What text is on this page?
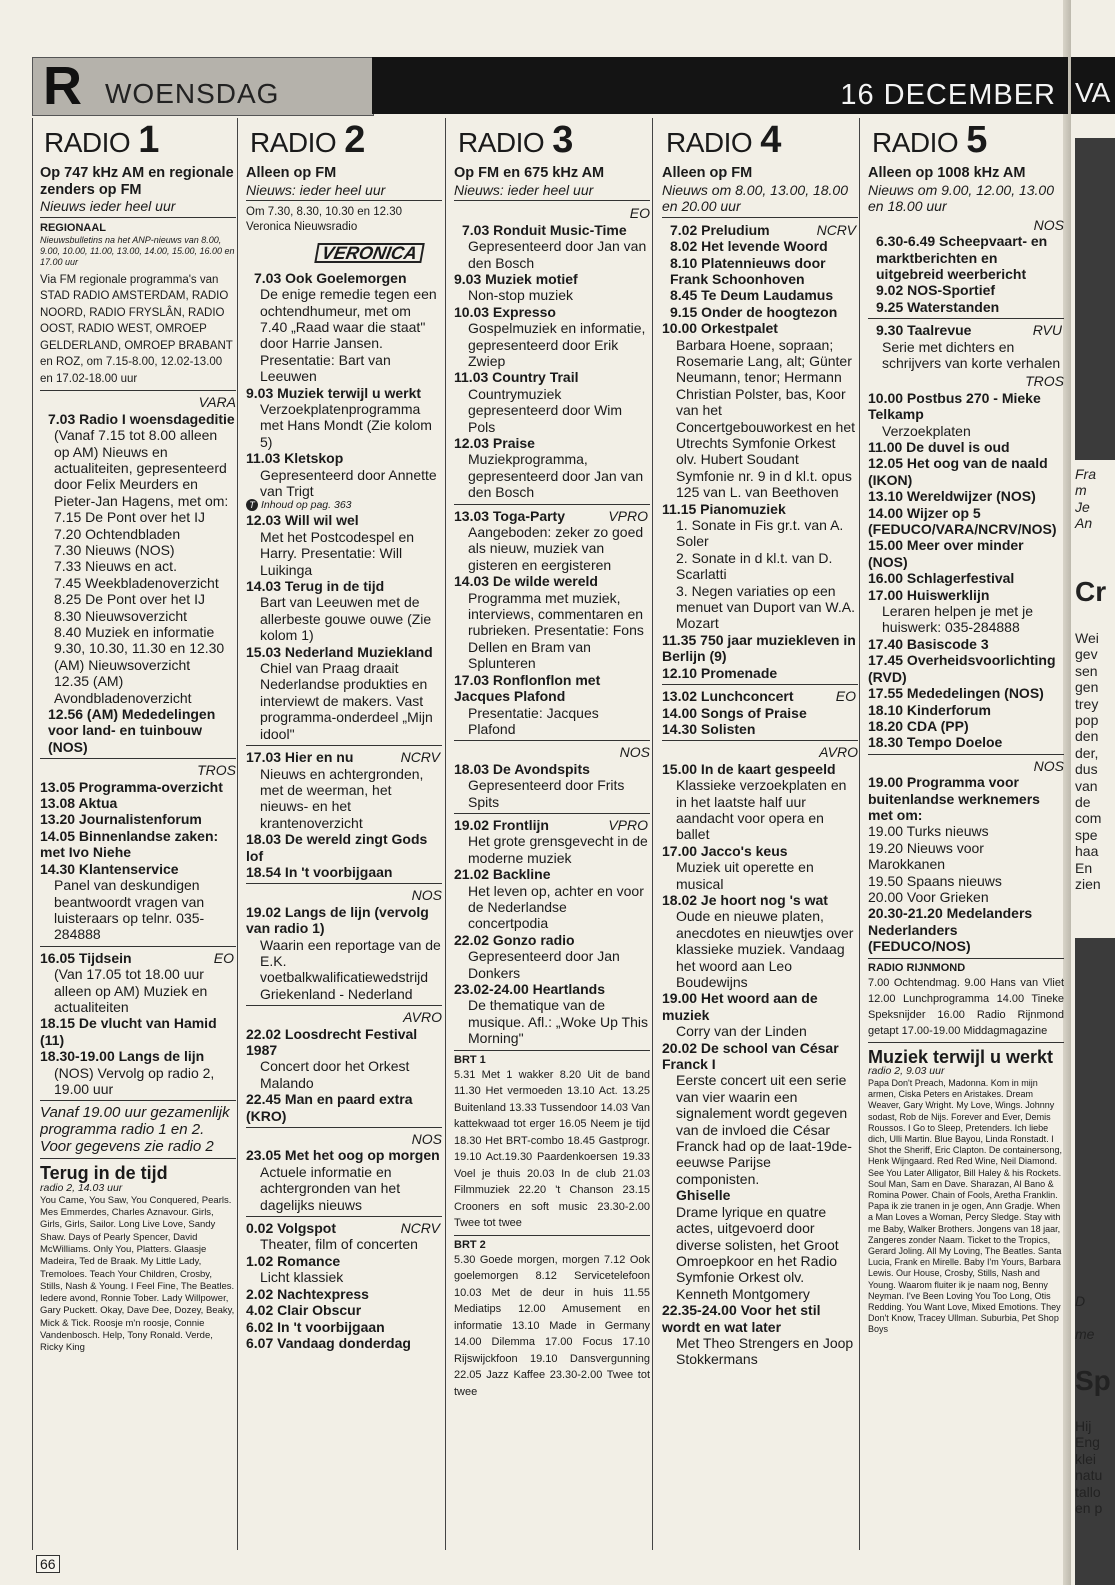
R WOENSDAG	16 DECEMBER VA
RADIO 1
Op 747 kHz AM en regionale zenders op FM
Nieuws ieder heel uur
REGIONAAL
Nieuwsbulletins na het ANP-nieuws van 8.00, 9.00, 10.00, 11.00, 13.00, 14.00, 15.00, 16.00 en 17.00 uur
Via FM regionale programma's van STAD RADIO AMSTERDAM, RADIO NOORD, RADIO FRYSLÂN, RADIO OOST, RADIO WEST, OMROEP GELDERLAND, OMROEP BRABANT en ROZ, om 7.15-8.00, 12.02-13.00 en 17.02-18.00 uur
VARA
7.03 Radio I woensdageditie
(Vanaf 7.15 tot 8.00 alleen op AM) Nieuws en actualiteiten, gepresenteerd door Felix Meurders en Pieter-Jan Hagens, met om:
7.15 De Pont over het IJ
7.20 Ochtendbladen
7.30 Nieuws (NOS)
7.33 Nieuws en act.
7.45 Weekbladenoverzicht
8.25 De Pont over het IJ
8.30 Nieuwsoverzicht
8.40 Muziek en informatie
9.30, 10.30, 11.30 en 12.30 (AM) Nieuwsoverzicht
12.35 (AM) Avondbladenoverzicht
12.56 (AM) Mededelingen voor land- en tuinbouw (NOS)
TROS
13.05 Programma-overzicht
13.08 Aktua
13.20 Journalistenforum
14.05 Binnenlandse zaken: met Ivo Niehe
14.30 Klantenservice
Panel van deskundigen beantwoordt vragen van luisteraars op telnr. 035-284888
16.05 Tijdsein	EO
(Van 17.05 tot 18.00 uur alleen op AM) Muziek en actualiteiten
18.15 De vlucht van Hamid (11)
18.30-19.00 Langs de lijn
(NOS) Vervolg op radio 2, 19.00 uur
Vanaf 19.00 uur gezamenlijk programma radio 1 en 2. Voor gegevens zie radio 2
Terug in de tijd
radio 2, 14.03 uur
You Came, You Saw, You Conquered, Pearls. Mes Emmerdes, Charles Aznavour. Girls, Girls, Girls, Sailor. Long Live Love, Sandy Shaw. Days of Pearly Spencer, David McWilliams. Only You, Platters. Glaasje Madeira, Ted de Braak. My Little Lady, Tremoloes. Teach Your Children, Crosby, Stills, Nash & Young. I Feel Fine, The Beatles. Iedere avond, Ronnie Tober. Lady Willpower, Gary Puckett. Okay, Dave Dee, Dozey, Beaky, Mick & Tick. Roosje m'n roosje, Connie Vandenbosch. Help, Tony Ronald. Verde, Ricky King
RADIO 2
Alleen op FM
Nieuws: ieder heel uur
Om 7.30, 8.30, 10.30 en 12.30 Veronica Nieuwsradio
VERONICA
7.03 Ook Goelemorgen
De enige remedie tegen een ochtendhumeur, met om 7.40 „Raad waar die staat" door Harrie Jansen. Presentatie: Bart van Leeuwen
9.03 Muziek terwijl u werkt
Verzoekplatenprogramma met Hans Mondt (Zie kolom 5)
11.03 Kletskop
Gepresenteerd door Annette van Trigt
T Inhoud op pag. 363
12.03 Will wil wel
Met het Postcodespel en Harry. Presentatie: Will Luikinga
14.03 Terug in de tijd
Bart van Leeuwen met de allerbeste gouwe ouwe (Zie kolom 1)
15.03 Nederland Muziekland
Chiel van Praag draait Nederlandse produkties en interviewt de makers. Vast programma-onderdeel „Mijn idool"
17.03 Hier en nu	NCRV
Nieuws en achtergronden, met de weerman, het nieuws- en het krantenoverzicht
18.03 De wereld zingt Gods lof
18.54 In 't voorbijgaan
NOS
19.02 Langs de lijn (vervolg van radio 1)
Waarin een reportage van de E.K. voetbalkwalificatiewedstrijd Griekenland - Nederland
AVRO
22.02 Loosdrecht Festival 1987
Concert door het Orkest Malando
22.45 Man en paard extra (KRO)
NOS
23.05 Met het oog op morgen
Actuele informatie en achtergronden van het dagelijks nieuws
0.02 Volgspot	NCRV
Theater, film of concerten
1.02 Romance
Licht klassiek
2.02 Nachtexpress
4.02 Clair Obscur
6.02 In 't voorbijgaan
6.07 Vandaag donderdag
RADIO 3
Op FM en 675 kHz AM
Nieuws: ieder heel uur
EO
7.03 Ronduit Music-Time
Gepresenteerd door Jan van den Bosch
9.03 Muziek motief
Non-stop muziek
10.03 Expresso
Gospelmuziek en informatie, gepresenteerd door Erik Zwiep
11.03 Country Trail
Countrymuziek gepresenteerd door Wim Pols
12.03 Praise
Muziekprogramma, gepresenteerd door Jan van den Bosch
13.03 Toga-Party	VPRO
Aangeboden: zeker zo goed als nieuw, muziek van gisteren en eergisteren
14.03 De wilde wereld
Programma met muziek, interviews, commentaren en rubrieken. Presentatie: Fons Dellen en Bram van Splunteren
17.03 Ronflonflon met Jacques Plafond
Presentatie: Jacques Plafond
NOS
18.03 De Avondspits
Gepresenteerd door Frits Spits
19.02 Frontlijn	VPRO
Het grote grensgevecht in de moderne muziek
21.02 Backline
Het leven op, achter en voor de Nederlandse concertpodia
22.02 Gonzo radio
Gepresenteerd door Jan Donkers
23.02-24.00 Heartlands
De thematique van de musique. Afl.: „Woke Up This Morning"
BRT 1
5.31 Met 1 wakker 8.20 Uit de band 11.30 Het vermoeden 13.10 Act. 13.25 Buitenland 13.33 Tussendoor 14.03 Van kattekwaad tot erger 16.05 Neem je tijd 18.30 Het BRT-combo 18.45 Gastprogr. 19.10 Act.19.30 Paardenkoersen 19.33 Voel je thuis 20.03 In de club 21.03 Filmmuziek 22.20 't Chanson 23.15 Crooners en soft music 23.30-2.00 Twee tot twee
BRT 2
5.30 Goede morgen, morgen 7.12 Ook goelemorgen 8.12 Servicetelefoon 10.03 Met de deur in huis 11.55 Mediatips 12.00 Amusement en informatie 13.10 Made in Germany 14.00 Dilemma 17.00 Focus 17.10 Rijswijckfoon 19.10 Dansvergunning 22.05 Jazz Kaffee 23.30-2.00 Twee tot twee
RADIO 4
Alleen op FM
Nieuws om 8.00, 13.00, 18.00 en 20.00 uur
7.02 Preludium	NCRV
8.02 Het levende Woord
8.10 Platennieuws door Frank Schoonhoven
8.45 Te Deum Laudamus
9.15 Onder de hoogtezon
10.00 Orkestpalet
Barbara Hoene, sopraan; Rosemarie Lang, alt; Günter Neumann, tenor; Hermann Christian Polster, bas, Koor van het Concertgebouworkest en het Utrechts Symfonie Orkest olv. Hubert Soudant
Symfonie nr. 9 in d kl.t. opus 125 van L. van Beethoven
11.15 Pianomuziek
1. Sonate in Fis gr.t. van A. Soler
2. Sonate in d kl.t. van D. Scarlatti
3. Negen variaties op een menuet van Duport van W.A. Mozart
11.35 750 jaar muziekleven in Berlijn (9)
12.10 Promenade
13.02 Lunchconcert	EO
14.00 Songs of Praise
14.30 Solisten
AVRO
15.00 In de kaart gespeeld
Klassieke verzoekplaten en in het laatste half uur aandacht voor opera en ballet
17.00 Jacco's keus
Muziek uit operette en musical
18.02 Je hoort nog 's wat
Oude en nieuwe platen, anecdotes en nieuwtjes over klassieke muziek. Vandaag het woord aan Leo Boudewijns
19.00 Het woord aan de muziek
Corry van der Linden
20.02 De school van César Franck I
Eerste concert uit een serie van vier waarin een signalement wordt gegeven van de invloed die César Franck had op de laat-19de-eeuwse Parijse componisten.
Ghiselle
Drame lyrique en quatre actes, uitgevoerd door diverse solisten, het Groot Omroepkoor en het Radio Symfonie Orkest olv. Kenneth Montgomery
22.35-24.00 Voor het stil wordt en wat later
Met Theo Strengers en Joop Stokkermans
RADIO 5
Alleen op 1008 kHz AM
Nieuws om 9.00, 12.00, 13.00 en 18.00 uur
NOS
6.30-6.49 Scheepvaart- en marktberichten en uitgebreid weerbericht
9.02 NOS-Sportief
9.25 Waterstanden
9.30 Taalrevue	RVU
Serie met dichters en schrijvers van korte verhalen
TROS
10.00 Postbus 270 - Mieke Telkamp
Verzoekplaten
11.00 De duvel is oud
12.05 Het oog van de naald (IKON)
13.10 Wereldwijzer (NOS)
14.00 Wijzer op 5 (FEDUCO/VARA/NCRV/NOS)
15.00 Meer over minder (NOS)
16.00 Schlagerfestival
17.00 Huiswerklijn
Leraren helpen je met je huiswerk: 035-284888
17.40 Basiscode 3
17.45 Overheidsvoorlichting (RVD)
17.55 Mededelingen (NOS)
18.10 Kinderforum
18.20 CDA (PP)
18.30 Tempo Doeloe
NOS
19.00 Programma voor buitenlandse werknemers met om:
19.00 Turks nieuws
19.20 Nieuws voor Marokkanen
19.50 Spaans nieuws
20.00 Voor Grieken
20.30-21.20 Medelanders Nederlanders (FEDUCO/NOS)
RADIO RIJNMOND
7.00 Ochtendmag. 9.00 Hans van Vliet 12.00 Lunchprogramma 14.00 Tineke Speksnijder 16.00 Radio Rijnmond getapt 17.00-19.00 Middagmagazine
Muziek terwijl u werkt
radio 2, 9.03 uur
Papa Don't Preach, Madonna. Kom in mijn armen, Ciska Peters en Aristakes. Dream Weaver, Gary Wright. My Love, Wings. Johnny sodast, Rob de Nijs. Forever and Ever, Demis Roussos. I Go to Sleep, Pretenders. Ich liebe dich, Ulli Martin. Blue Bayou, Linda Ronstadt. I Shot the Sheriff, Eric Clapton. De containersong, Henk Wijngaard. Red Red Wine, Neil Diamond. See You Later Alligator, Bill Haley & his Rockets. Soul Man, Sam en Dave. Sharazan, Al Bano & Romina Power. Chain of Fools, Aretha Franklin. Papa ik zie tranen in je ogen, Ann Gradje. When a Man Loves a Woman, Percy Sledge. Stay with me Baby, Walker Brothers. Jongens van 18 jaar, Zangeres zonder Naam. Ticket to the Tropics, Gerard Joling. All My Loving, The Beatles. Santa Lucia, Frank en Mirelle. Baby I'm Yours, Barbara Lewis. Our House, Crosby, Stills, Nash and Young. Waarom fluiter ik je naam nog, Benny Neyman. I've Been Loving You Too Long, Otis Redding. You Want Love, Mixed Emotions. They Don't Know, Tracey Ullman. Suburbia, Pet Shop Boys
Fra
m
Je
An
Cr
Wei
gev
sen
gen
trey
pop
den
der,
dus
van
de
com
spe
haa
En
zien
D
me
Sp
Hij
Eng
klei
natu
tallo
en p
66
